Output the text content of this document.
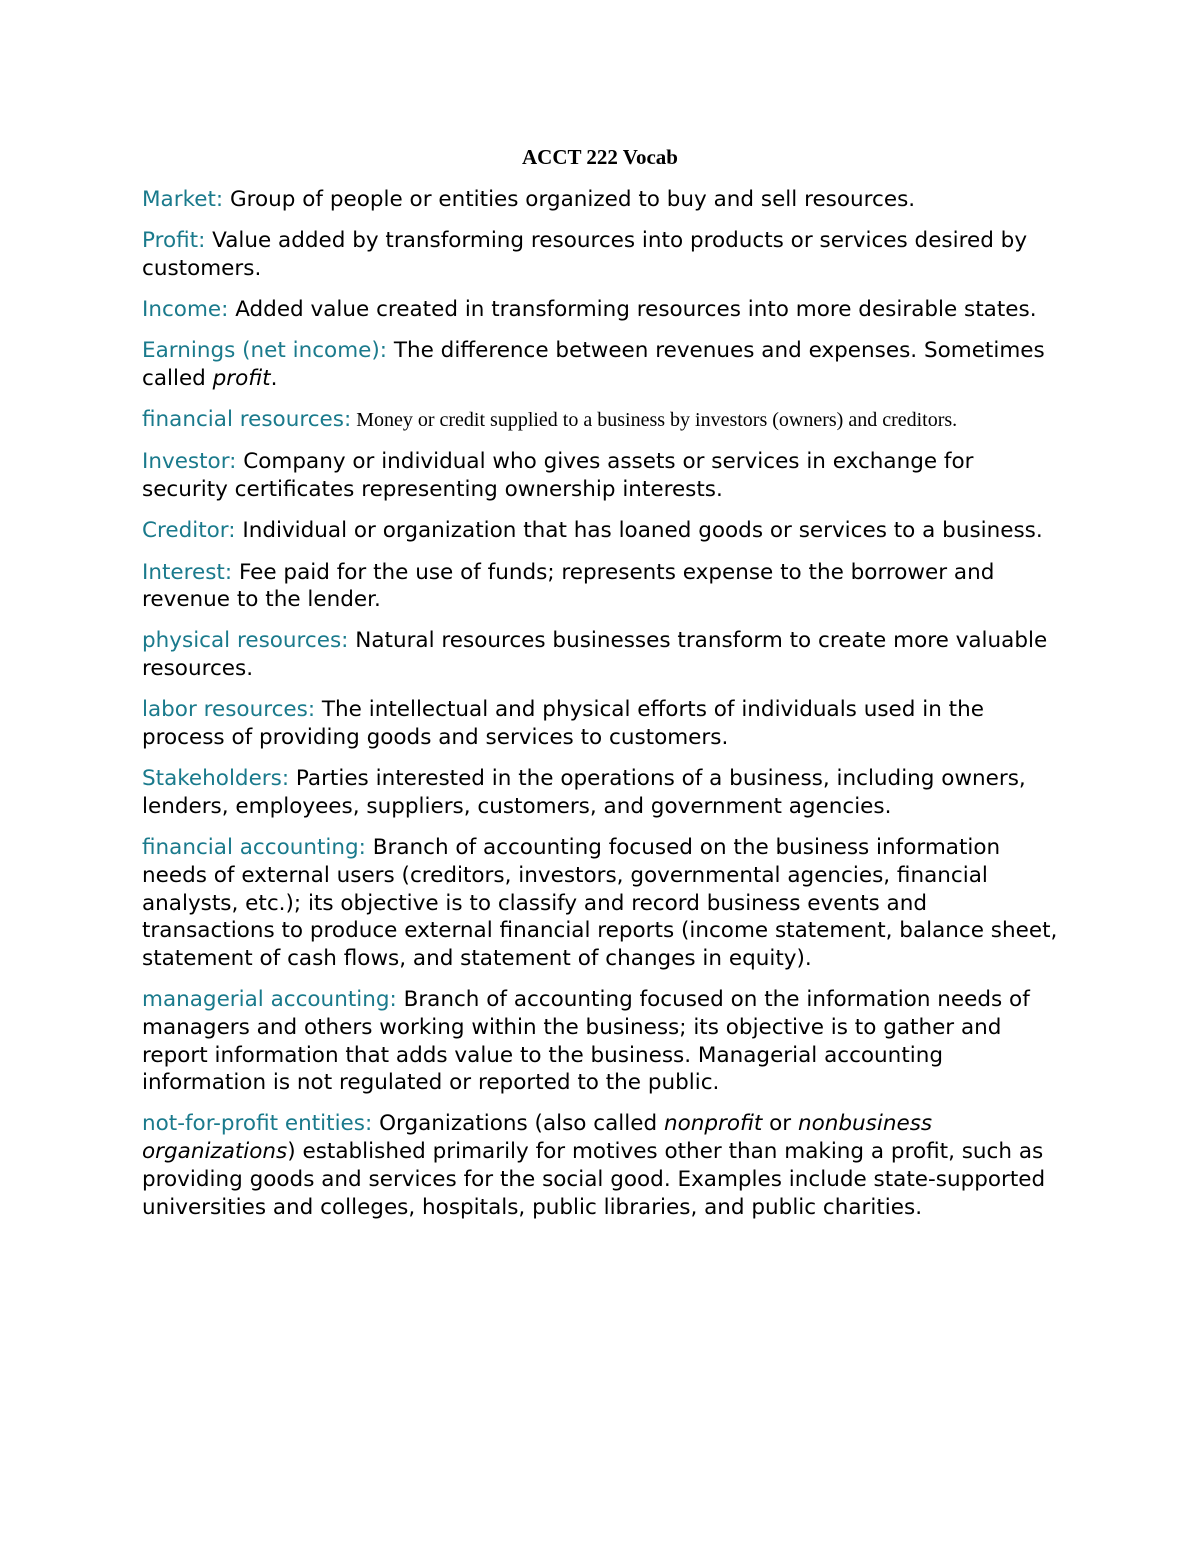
ACCT 222 Vocab

Market: Group of people or entities organized to buy and sell resources.

Profit: Value added by transforming resources into products or services desired by customers.

Income: Added value created in transforming resources into more desirable states.

Earnings (net income): The difference between revenues and expenses. Sometimes called profit.

financial resources: Money or credit supplied to a business by investors (owners) and creditors.

Investor: Company or individual who gives assets or services in exchange for security certificates representing ownership interests.

Creditor: Individual or organization that has loaned goods or services to a business.

Interest: Fee paid for the use of funds; represents expense to the borrower and revenue to the lender.

physical resources: Natural resources businesses transform to create more valuable resources.

labor resources: The intellectual and physical efforts of individuals used in the process of providing goods and services to customers.

Stakeholders: Parties interested in the operations of a business, including owners, lenders, employees, suppliers, customers, and government agencies.

financial accounting: Branch of accounting focused on the business information needs of external users (creditors, investors, governmental agencies, financial analysts, etc.); its objective is to classify and record business events and transactions to produce external financial reports (income statement, balance sheet, statement of cash flows, and statement of changes in equity).

managerial accounting: Branch of accounting focused on the information needs of managers and others working within the business; its objective is to gather and report information that adds value to the business. Managerial accounting information is not regulated or reported to the public.

not-for-profit entities: Organizations (also called nonprofit or nonbusiness organizations) established primarily for motives other than making a profit, such as providing goods and services for the social good. Examples include state-supported universities and colleges, hospitals, public libraries, and public charities.
